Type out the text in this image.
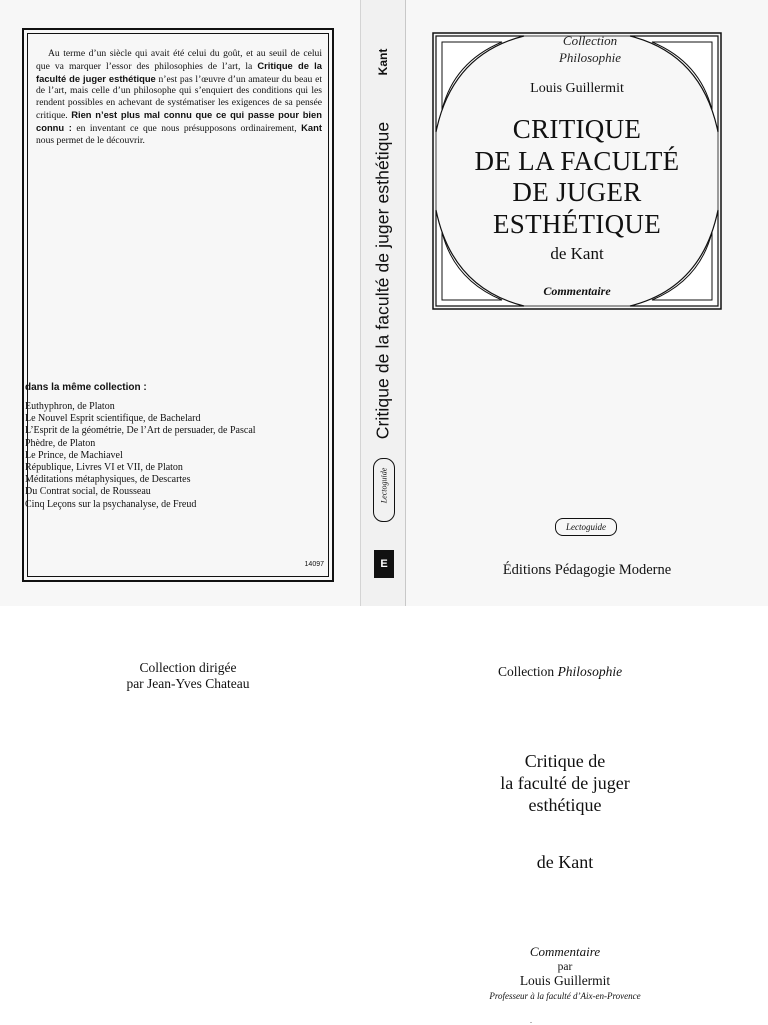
Au terme d’un siècle qui avait été celui du goût, et au seuil de celui que va marquer l’essor des philosophies de l’art, la Critique de la faculté de juger esthétique n’est pas l’œuvre d’un amateur du beau et de l’art, mais celle d’un philosophe qui s’enquiert des conditions qui les rendent possibles en achevant de systématiser les exigences de sa pensée critique. Rien n’est plus mal connu que ce qui passe pour bien connu : en inventant ce que nous présupposons ordinairement, Kant nous permet de le découvrir.

dans la même collection :
Euthyphron, de Platon
Le Nouvel Esprit scientifique, de Bachelard
L’Esprit de la géométrie, De l’Art de persuader, de Pascal
Phèdre, de Platon
Le Prince, de Machiavel
République, Livres VI et VII, de Platon
Méditations métaphysiques, de Descartes
Du Contrat social, de Rousseau
Cinq Leçons sur la psychanalyse, de Freud
14097
Kant
Critique de la faculté de juger esthétique
Lectoguide
E
Collection
Philosophie
Louis Guillermit
CRITIQUE
DE LA FACULTÉ
DE JUGER
ESTHÉTIQUE
de Kant
Commentaire
Lectoguide
Éditions Pédagogie Moderne
Collection dirigée
par Jean-Yves Chateau
Collection Philosophie
Critique de
la faculté de juger
esthétique
de Kant
Commentaire
par
Louis Guillermit
Professeur à la faculté d’Aix-en-Provence
.
